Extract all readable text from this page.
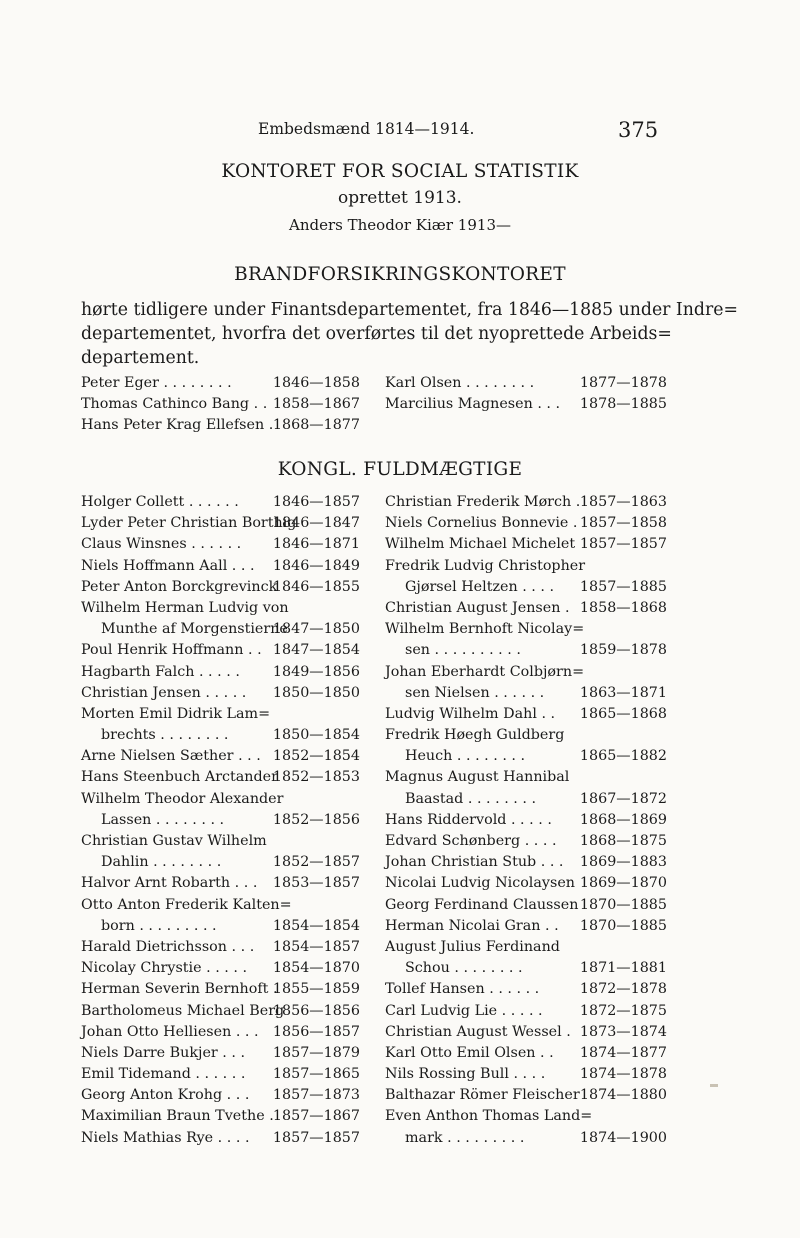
Embedsmænd 1814—1914.	375
KONTORET FOR SOCIAL STATISTIK
oprettet 1913.
Anders Theodor Kiær 1913—
BRANDFORSIKRINGSKONTORET
hørte tidligere under Finantsdepartementet, fra 1846—1885 under Indre=
departementet, hvorfra det overførtes til det nyoprettede Arbeids=
departement.
Peter Eger . . . . . . . .	1846—1858
Thomas Cathinco Bang . . 1858—1867
Hans Peter Krag Ellefsen . 1868—1877
Karl Olsen . . . . . . . .	1877—1878
Marcilius Magnesen . . . 1878—1885
KONGL. FULDMÆGTIGE
Holger Collett . . . . . . 1846—1857
Lyder Peter Christian Borthig
1846—1847
Claus Winsnes . . . . . . 1846—1871
Niels Hoffmann Aall . . . 1846—1849
Peter Anton Borckgrevinck
1846—1855
Wilhelm Herman Ludvig von
Munthe af Morgenstierne
1847—1850
Poul Henrik Hoffmann . . 1847—1854
Hagbarth Falch . . . . . 1849—1856
Christian Jensen . . . . . 1850—1850
Morten Emil Didrik Lam=
brechts . . . . . . . .	1850—1854
Arne Nielsen Sæther . . . 1852—1854
Hans Steenbuch Arctander
1852—1853
Wilhelm Theodor Alexander
Lassen . . . . . . . .	1852—1856
Christian Gustav Wilhelm
Dahlin . . . . . . . .	1852—1857
Halvor Arnt Robarth . . . 1853—1857
Otto Anton Frederik Kalten=
born . . . . . . . . .	1854—1854
Harald Dietrichsson . . . 1854—1857
Nicolay Chrystie . . . . . 1854—1870
Herman Severin Bernhoft .
1855—1859
Bartholomeus Michael Berg
1856—1856
Johan Otto Helliesen . . . 1856—1857
Niels Darre Bukjer . . . 1857—1879
Emil Tidemand . . . . . . 1857—1865
Georg Anton Krohg . . . 1857—1873
Maximilian Braun Tvethe . 1857—1867
Niels Mathias Rye . . . . 1857—1857
Christian Frederik Mørch . 1857—1863
Niels Cornelius Bonnevie . 1857—1858
Wilhelm Michael Michelet 1857—1857
Fredrik Ludvig Christopher
Gjørsel Heltzen . . . . 1857—1885
Christian August Jensen . 1858—1868
Wilhelm Bernhoft Nicolay=
sen . . . . . . . . . .	1859—1878
Johan Eberhardt Colbjørn=
sen Nielsen . . . . . . 1863—1871
Ludvig Wilhelm Dahl . . 1865—1868
Fredrik Høegh Guldberg
Heuch . . . . . . . .	1865—1882
Magnus August Hannibal
Baastad . . . . . . . .	1867—1872
Hans Riddervold . . . . . 1868—1869
Edvard Schønberg . . . . 1868—1875
Johan Christian Stub . . . 1869—1883
Nicolai Ludvig Nicolaysen 1869—1870
Georg Ferdinand Claussen 1870—1885
Herman Nicolai Gran . . 1870—1885
August Julius Ferdinand
Schou . . . . . . . .	1871—1881
Tollef Hansen . . . . . .	1872—1878
Carl Ludvig Lie . . . . .	1872—1875
Christian August Wessel . 1873—1874
Karl Otto Emil Olsen . . 1874—1877
Nils Rossing Bull . . . . 1874—1878
Balthazar Römer Fleischer 1874—1880
Even Anthon Thomas Land=
mark . . . . . . . . .	1874—1900
